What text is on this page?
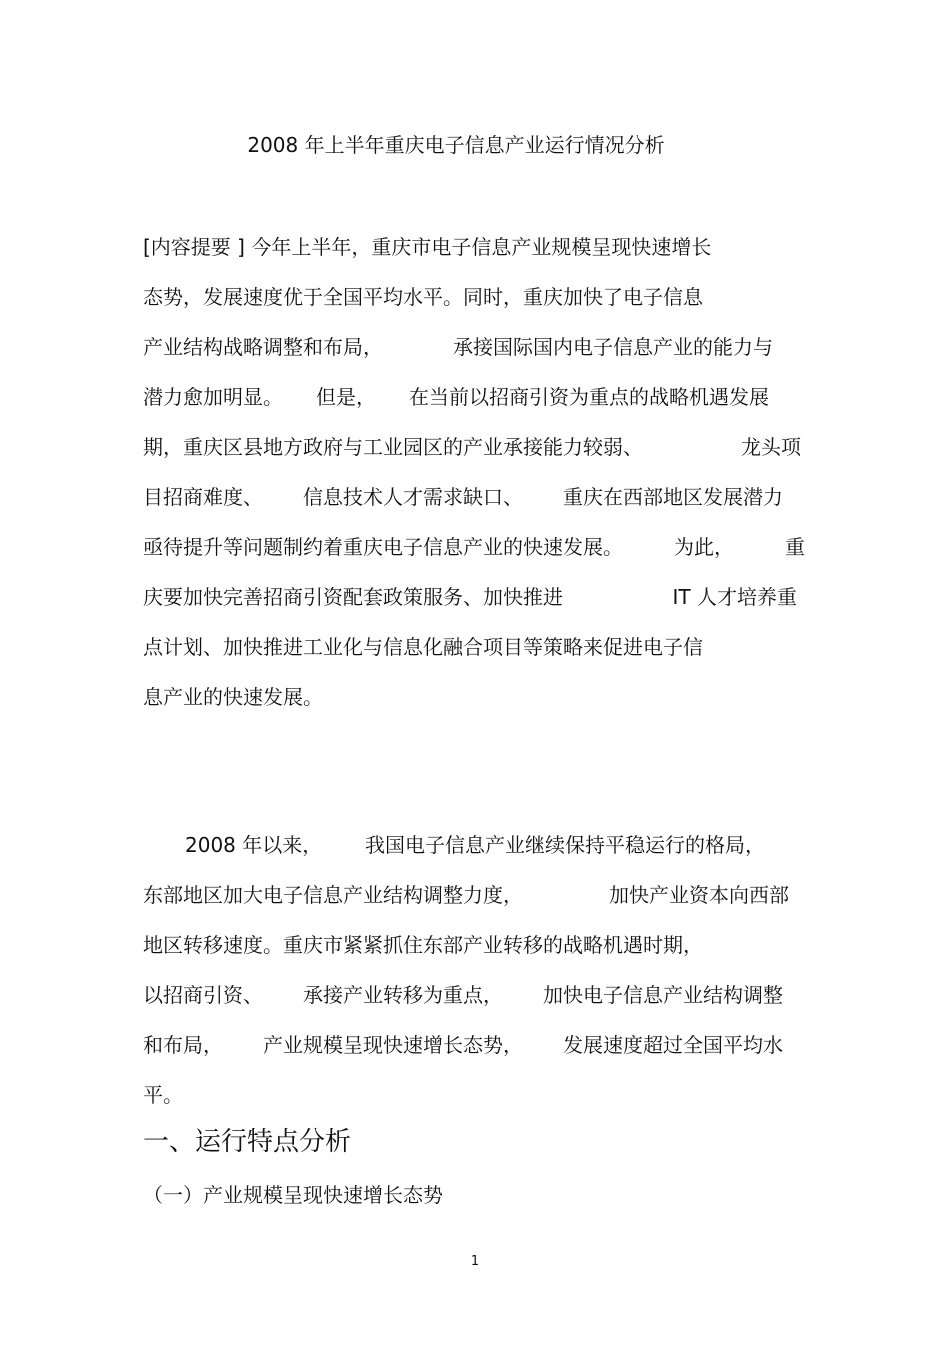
2008 年上半年重庆电子信息产业运行情况分析
[内容提要 ] 今年上半年，重庆市电子信息产业规模呈现快速增长
态势，发展速度优于全国平均水平。同时，重庆加快了电子信息
产业结构战略调整和布局，	承接国际国内电子信息产业的能力与
潜力愈加明显。 但是， 在当前以招商引资为重点的战略机遇发展
期，重庆区县地方政府与工业园区的产业承接能力较弱、	龙头项
目招商难度、 信息技术人才需求缺口、 重庆在西部地区发展潜力
亟待提升等问题制约着重庆电子信息产业的快速发展。	为此，	重
庆要加快完善招商引资配套政策服务、加快推进	IT 人才培养重
点计划、加快推进工业化与信息化融合项目等策略来促进电子信
息产业的快速发展。
2008 年以来， 我国电子信息产业继续保持平稳运行的格局，
东部地区加大电子信息产业结构调整力度，	加快产业资本向西部
地区转移速度。重庆市紧紧抓住东部产业转移的战略机遇时期，
以招商引资、 承接产业转移为重点， 加快电子信息产业结构调整
和布局， 产业规模呈现快速增长态势， 发展速度超过全国平均水
平。
一、运行特点分析
（一）产业规模呈现快速增长态势
1
